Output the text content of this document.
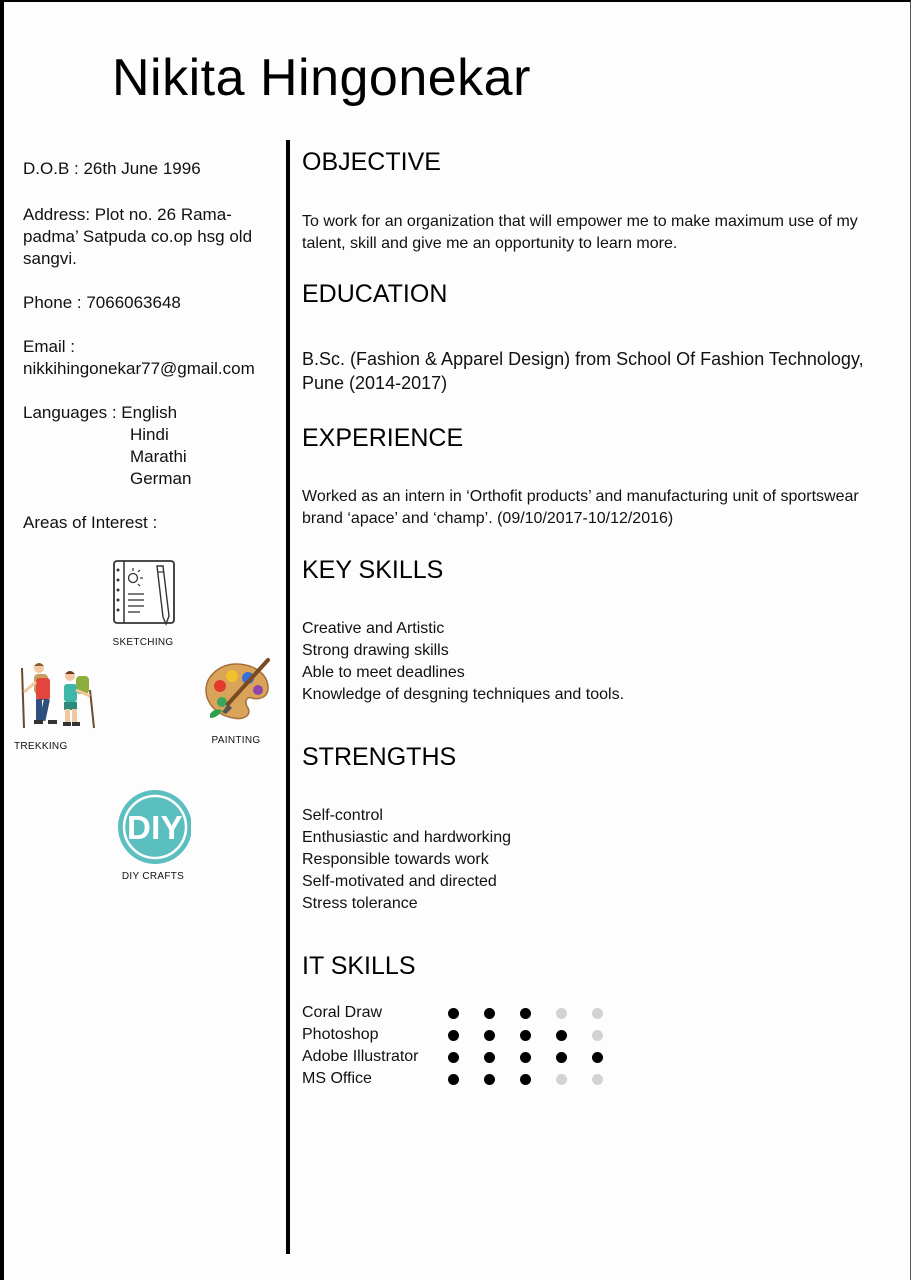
Nikita Hingonekar

D.O.B : 26th June 1996

Address: Plot no. 26 Rama- padma’ Satpuda co.op hsg old sangvi.

Phone : 7066063648

Email :

nikkihingonekar77@gmail.com

Languages : English

Hindi
Marathi
German

Areas of Interest :

SKETCHING
TREKKING
PAINTING
DIY
DIY CRAFTS
OBJECTIVE

To work for an organization that will empower me to make maximum use of my talent, skill and give me an opportunity to learn more.

EDUCATION

B.Sc. (Fashion & Apparel Design) from School Of Fashion Technology, Pune (2014-2017)

EXPERIENCE

Worked as an intern in ‘Orthofit products’ and manufacturing unit of sportswear brand ‘apace’ and ‘champ’. (09/10/2017-10/12/2016)

KEY SKILLS
Creative and Artistic
Strong drawing skills
Able to meet deadlines
Knowledge of desgning techniques and tools.
STRENGTHS
Self-control
Enthusiastic and hardworking
Responsible towards work
Self-motivated and directed
Stress tolerance
IT SKILLS
Coral Draw
Photoshop
Adobe Illustrator
MS Office
